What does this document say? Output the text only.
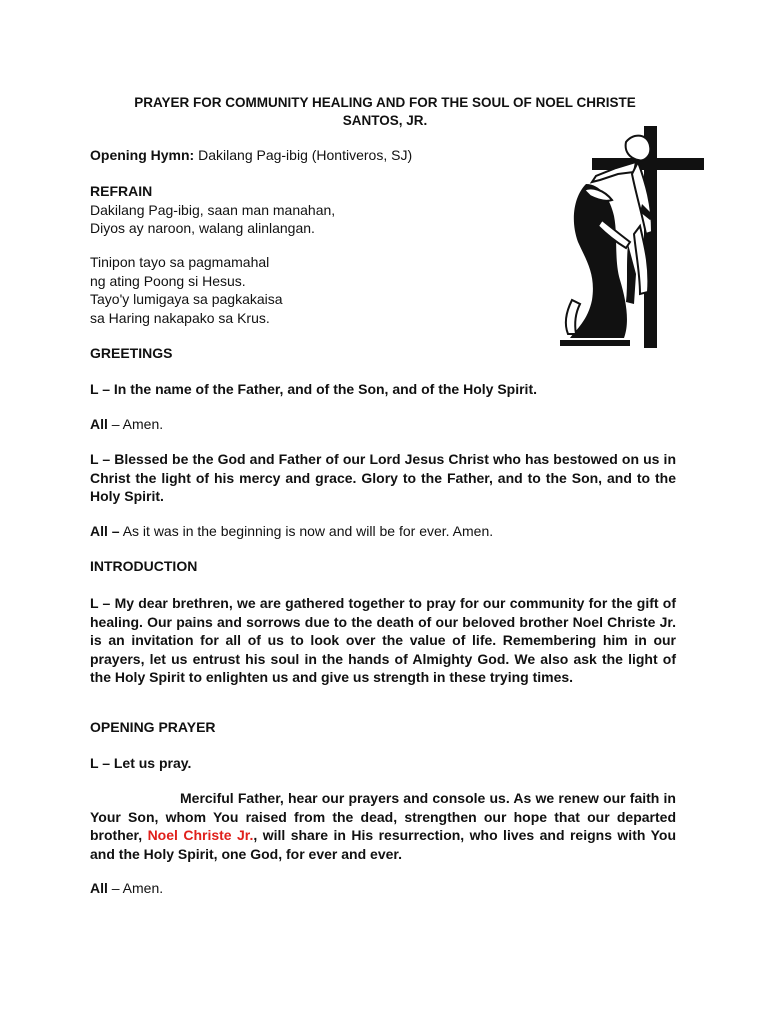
PRAYER FOR COMMUNITY HEALING AND FOR THE SOUL OF NOEL CHRISTE
SANTOS, JR.
Opening Hymn: Dakilang Pag-ibig (Hontiveros, SJ)
REFRAIN
Dakilang Pag-ibig, saan man manahan,
Diyos ay naroon, walang alinlangan.
Tinipon tayo sa pagmamahal
ng ating Poong si Hesus.
Tayo'y lumigaya sa pagkakaisa
sa Haring nakapako sa Krus.
GREETINGS
L – In the name of the Father, and of the Son, and of the Holy Spirit.
All – Amen.
L – Blessed be the God and Father of our Lord Jesus Christ who has bestowed on us in Christ the light of his mercy and grace. Glory to the Father, and to the Son, and to the Holy Spirit.
All – As it was in the beginning is now and will be for ever. Amen.
INTRODUCTION
L – My dear brethren, we are gathered together to pray for our community for the gift of healing. Our pains and sorrows due to the death of our beloved brother Noel Christe Jr. is an invitation for all of us to look over the value of life. Remembering him in our prayers, let us entrust his soul in the hands of Almighty God. We also ask the light of the Holy Spirit to enlighten us and give us strength in these trying times.
OPENING PRAYER
L – Let us pray.
Merciful Father, hear our prayers and console us. As we renew our faith in Your Son, whom You raised from the dead, strengthen our hope that our departed brother, Noel Christe Jr., will share in His resurrection, who lives and reigns with You and the Holy Spirit, one God, for ever and ever.
All – Amen.
